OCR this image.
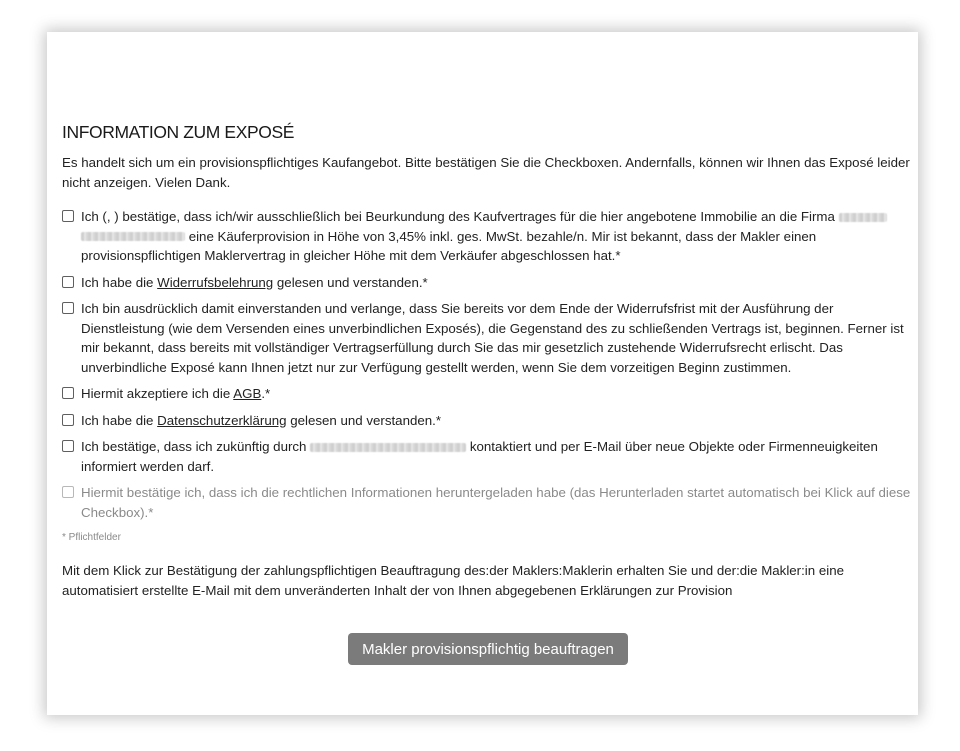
INFORMATION ZUM EXPOSÉ

Es handelt sich um ein provisionspflichtiges Kaufangebot. Bitte bestätigen Sie die Checkboxen. Andernfalls, können wir Ihnen das Exposé leider nicht anzeigen. Vielen Dank.

Ich (, ) bestätige, dass ich/wir ausschließlich bei Beurkundung des Kaufvertrages für die hier angebotene Immobilie an die Firma   eine Käuferprovision in Höhe von 3,45% inkl. ges. MwSt. bezahle/n. Mir ist bekannt, dass der Makler einen provisionspflichtigen Maklervertrag in gleicher Höhe mit dem Verkäufer abgeschlossen hat.*
Ich habe die Widerrufsbelehrung gelesen und verstanden.*
Ich bin ausdrücklich damit einverstanden und verlange, dass Sie bereits vor dem Ende der Widerrufsfrist mit der Ausführung der Dienstleistung (wie dem Versenden eines unverbindlichen Exposés), die Gegenstand des zu schließenden Vertrags ist, beginnen. Ferner ist mir bekannt, dass bereits mit vollständiger Vertragserfüllung durch Sie das mir gesetzlich zustehende Widerrufsrecht erlischt. Das unverbindliche Exposé kann Ihnen jetzt nur zur Verfügung gestellt werden, wenn Sie dem vorzeitigen Beginn zustimmen.
Hiermit akzeptiere ich die AGB.*
Ich habe die Datenschutzerklärung gelesen und verstanden.*
Ich bestätige, dass ich zukünftig durch	kontaktiert und per E-Mail über neue Objekte oder Firmenneuigkeiten informiert werden darf.
Hiermit bestätige ich, dass ich die rechtlichen Informationen heruntergeladen habe (das Herunterladen startet automatisch bei Klick auf diese Checkbox).*
* Pflichtfelder

Mit dem Klick zur Bestätigung der zahlungspflichtigen Beauftragung des:der Maklers:Maklerin erhalten Sie und der:die Makler:in eine automatisiert erstellte E-Mail mit dem unveränderten Inhalt der von Ihnen abgegebenen Erklärungen zur Provision

Makler provisionspflichtig beauftragen
